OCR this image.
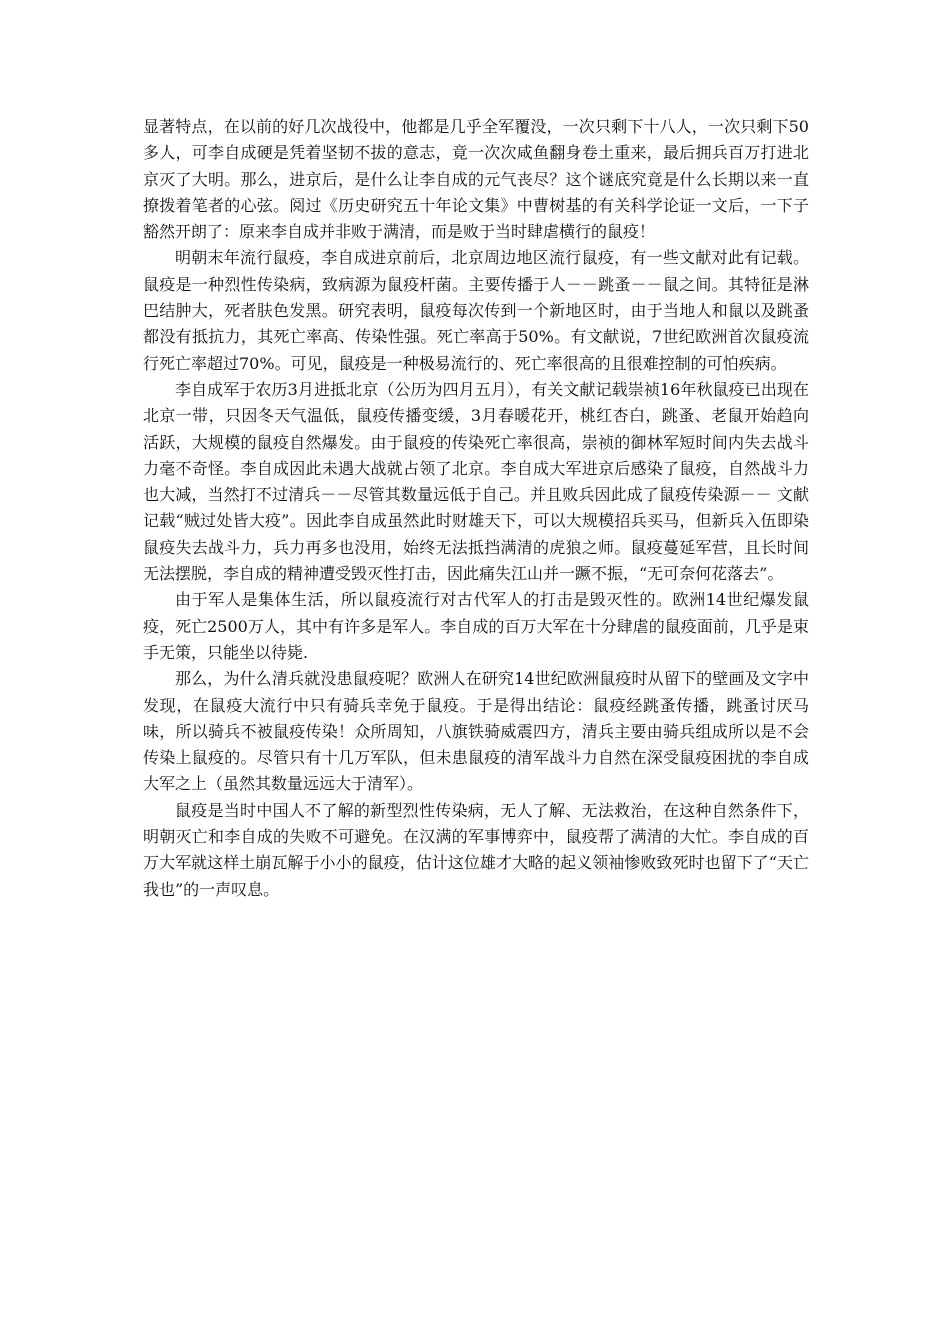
显著特点，在以前的好几次战役中，他都是几乎全军覆没，一次只剩下十八人，一次只剩下50多人，可李自成硬是凭着坚韧不拔的意志，竟一次次咸鱼翻身卷土重来，最后拥兵百万打进北京灭了大明。那么，进京后，是什么让李自成的元气丧尽？这个谜底究竟是什么长期以来一直撩拨着笔者的心弦。阅过《历史研究五十年论文集》中曹树基的有关科学论证一文后，一下子豁然开朗了：原来李自成并非败于满清，而是败于当时肆虐横行的鼠疫！

明朝末年流行鼠疫，李自成进京前后，北京周边地区流行鼠疫，有一些文献对此有记载。鼠疫是一种烈性传染病，致病源为鼠疫杆菌。主要传播于人－－跳蚤－－鼠之间。其特征是淋巴结肿大，死者肤色发黑。研究表明，鼠疫每次传到一个新地区时，由于当地人和鼠以及跳蚤都没有抵抗力，其死亡率高、传染性强。死亡率高于50%。有文献说，7世纪欧洲首次鼠疫流行死亡率超过70%。可见，鼠疫是一种极易流行的、死亡率很高的且很难控制的可怕疾病。

李自成军于农历3月进抵北京（公历为四月五月），有关文献记载崇祯16年秋鼠疫已出现在北京一带，只因冬天气温低，鼠疫传播变缓，3月春暖花开，桃红杏白，跳蚤、老鼠开始趋向活跃，大规模的鼠疫自然爆发。由于鼠疫的传染死亡率很高，崇祯的御林军短时间内失去战斗力毫不奇怪。李自成因此未遇大战就占领了北京。李自成大军进京后感染了鼠疫，自然战斗力也大减，当然打不过清兵－－尽管其数量远低于自己。并且败兵因此成了鼠疫传染源－－ 文献记载“贼过处皆大疫”。因此李自成虽然此时财雄天下，可以大规模招兵买马，但新兵入伍即染鼠疫失去战斗力，兵力再多也没用，始终无法抵挡满清的虎狼之师。鼠疫蔓延军营，且长时间无法摆脱，李自成的精神遭受毁灭性打击，因此痛失江山并一蹶不振，“无可奈何花落去”。

由于军人是集体生活，所以鼠疫流行对古代军人的打击是毁灭性的。欧洲14世纪爆发鼠疫，死亡2500万人，其中有许多是军人。李自成的百万大军在十分肆虐的鼠疫面前，几乎是束手无策，只能坐以待毙.

那么，为什么清兵就没患鼠疫呢？欧洲人在研究14世纪欧洲鼠疫时从留下的壁画及文字中发现，在鼠疫大流行中只有骑兵幸免于鼠疫。于是得出结论：鼠疫经跳蚤传播，跳蚤讨厌马味，所以骑兵不被鼠疫传染！众所周知，八旗铁骑威震四方，清兵主要由骑兵组成所以是不会传染上鼠疫的。尽管只有十几万军队，但未患鼠疫的清军战斗力自然在深受鼠疫困扰的李自成大军之上（虽然其数量远远大于清军）。

鼠疫是当时中国人不了解的新型烈性传染病，无人了解、无法救治，在这种自然条件下，明朝灭亡和李自成的失败不可避免。在汉满的军事博弈中，鼠疫帮了满清的大忙。李自成的百万大军就这样土崩瓦解于小小的鼠疫，估计这位雄才大略的起义领袖惨败致死时也留下了“天亡我也”的一声叹息。
